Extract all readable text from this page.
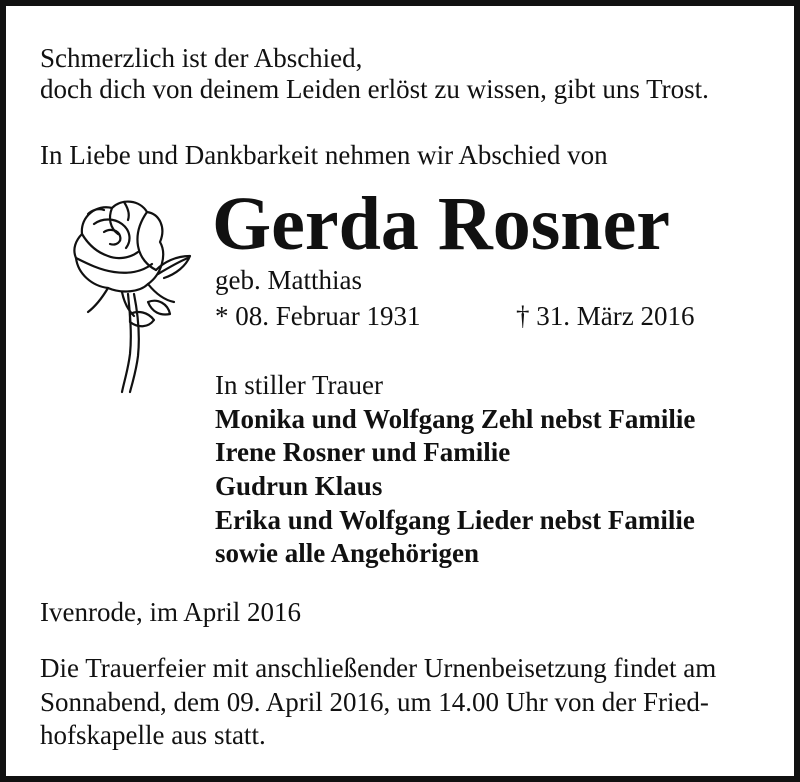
Schmerzlich ist der Abschied,

doch dich von deinem Leiden erlöst zu wissen, gibt uns Trost.

In Liebe und Dankbarkeit nehmen wir Abschied von

Gerda Rosner

geb. Matthias

* 08. Februar 1931	† 31. März 2016

In stiller Trauer

Monika und Wolfgang Zehl nebst Familie

Irene Rosner und Familie

Gudrun Klaus

Erika und Wolfgang Lieder nebst Familie

sowie alle Angehörigen

Ivenrode, im April 2016

Die Trauerfeier mit anschließender Urnenbeisetzung findet am

Sonnabend, dem 09. April 2016, um 14.00 Uhr von der Fried-

hofskapelle aus statt.
